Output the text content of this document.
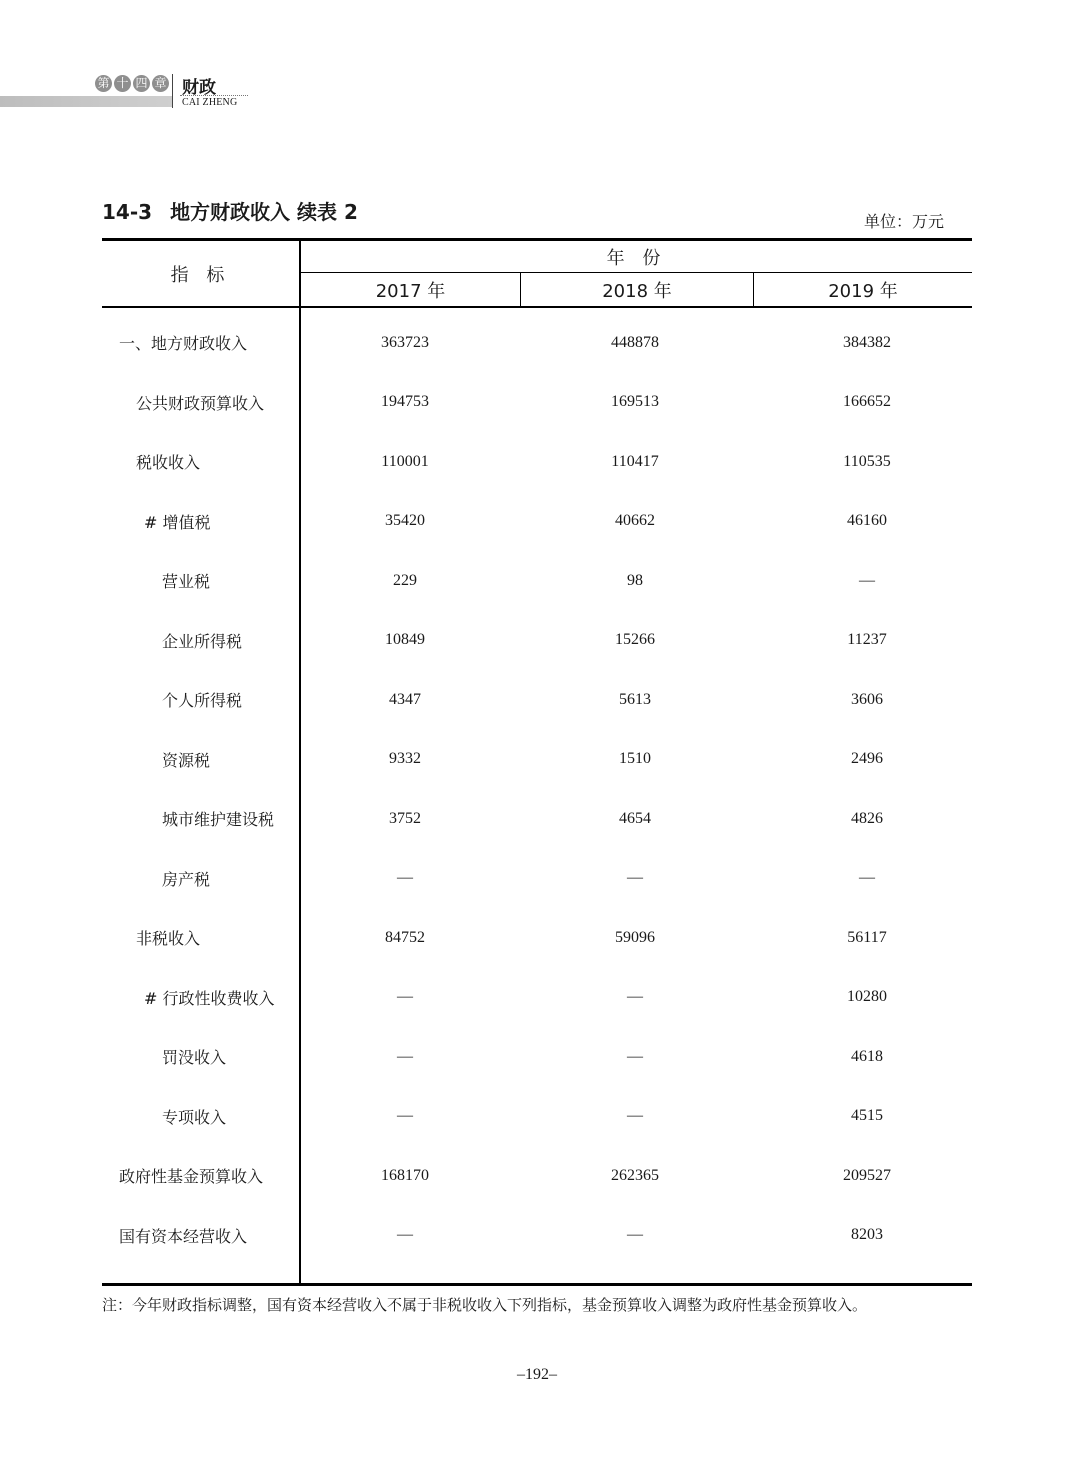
第 十 四 章 财政
CAI ZHENG
14-3 地方财政收入 续表 2	单位：万元
指 标
年 份
2017 年	2018 年	2019 年
一、地方财政收入	363723	448878	384382
公共财政预算收入	194753	169513	166652
税收收入	110001	110417	110535
# 增值税	35420	40662	46160
营业税	229	98	—
企业所得税	10849	15266	11237
个人所得税	4347	5613	3606
资源税	9332	1510	2496
城市维护建设税	3752	4654	4826
房产税	—	—	—
非税收入	84752	59096	56117
# 行政性收费收入	—	—	10280
罚没收入	—	—	4618
专项收入	—	—	4515
政府性基金预算收入	168170	262365	209527
国有资本经营收入	—	—	8203
注：今年财政指标调整，国有资本经营收入不属于非税收收入下列指标，基金预算收入调整为政府性基金预算收入。
–192–
